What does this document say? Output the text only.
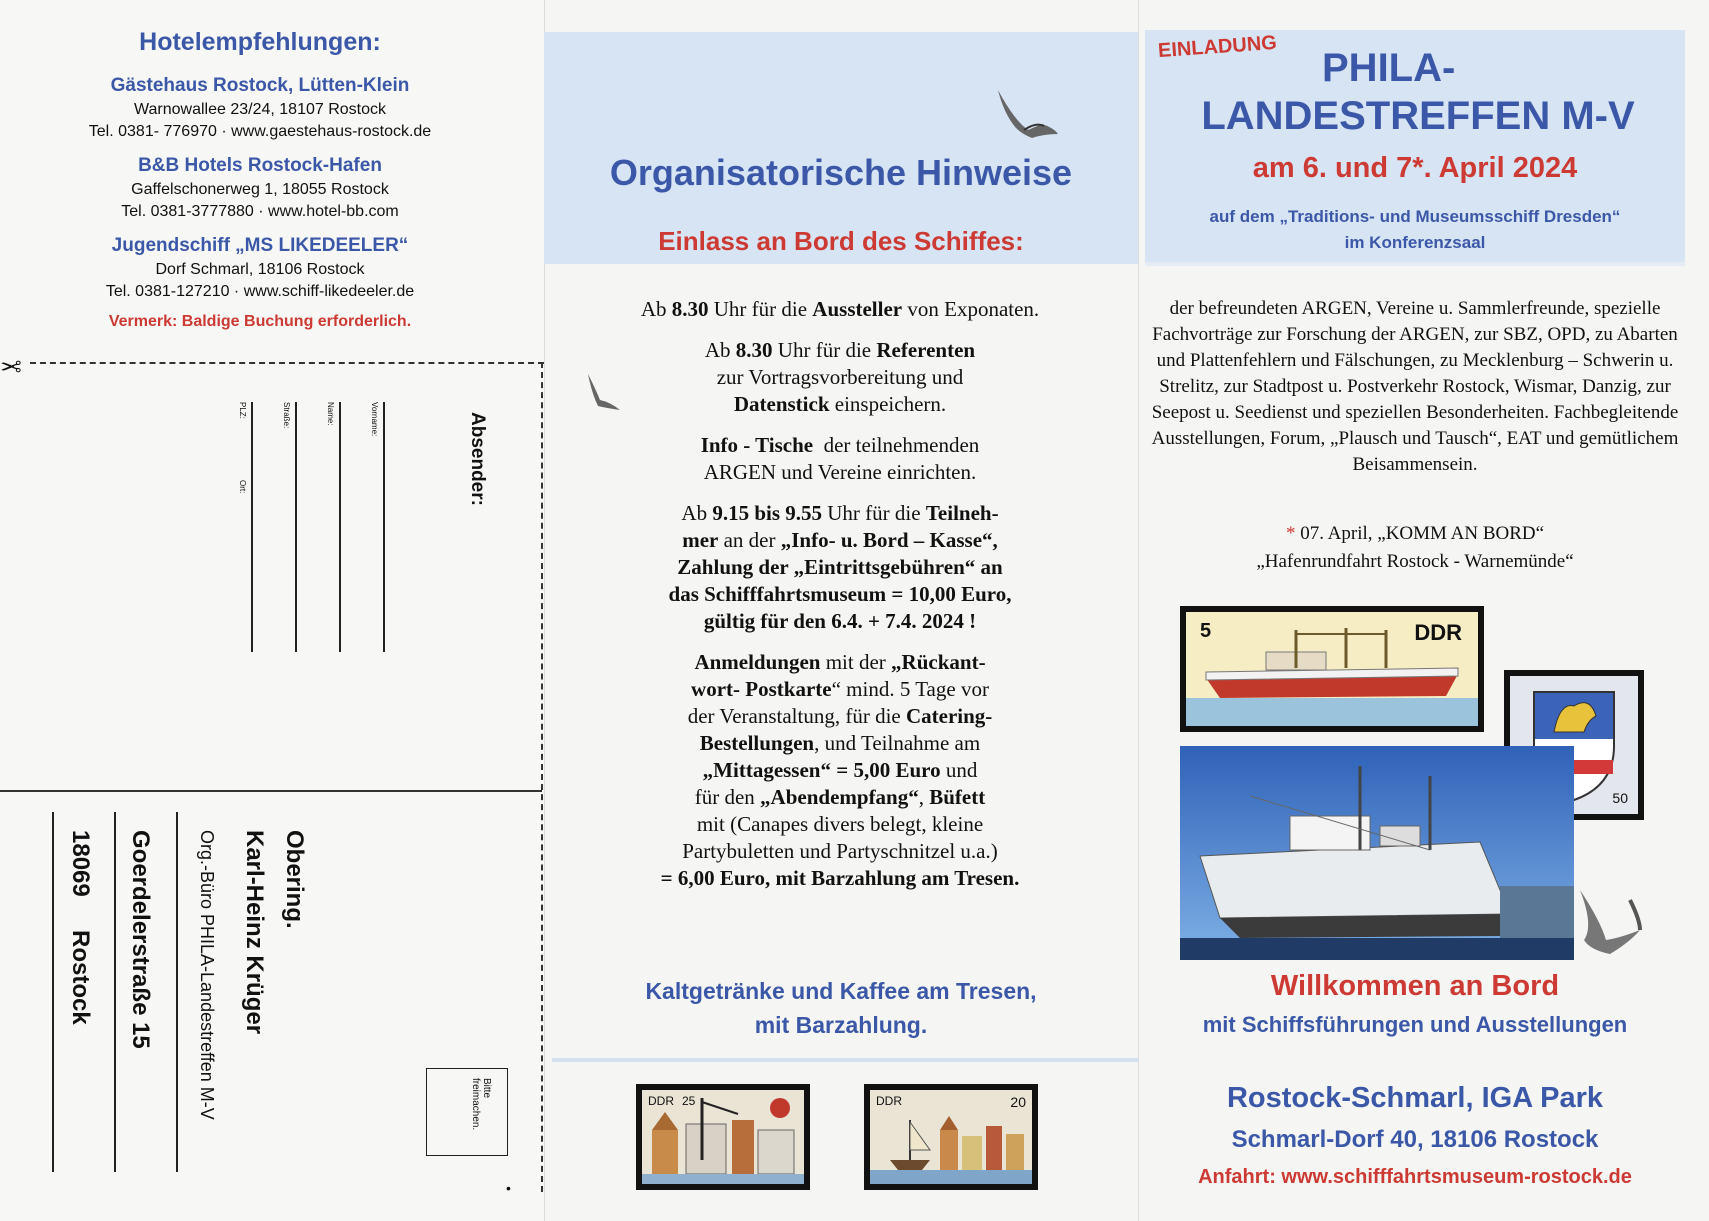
Hotelempfehlungen:
Gästehaus Rostock, Lütten-Klein
Warnowallee 23/24, 18107 Rostock
Tel. 0381- 776970 · www.gaestehaus-rostock.de
B&B Hotels Rostock-Hafen
Gaffelschonerweg 1, 18055 Rostock
Tel. 0381-3777880 · www.hotel-bb.com
Jugendschiff „MS LIKEDEELER“
Dorf Schmarl, 18106 Rostock
Tel. 0381-127210 · www.schiff-likedeeler.de
Vermerk: Baldige Buchung erforderlich.
✂
Absender:
Vorname:
Name:
Straße:
PLZ:
Ort:
Obering.
Karl-Heinz Krüger
Org.-Büro PHILA-Landestreffen M-V
Goerdelerstraße 15
18069
Rostock
Bitte freimachen.
•
Organisatorische Hinweise
Einlass an Bord des Schiffes:

Ab 8.30 Uhr für die Aussteller von Exponaten.

Ab 8.30 Uhr für die Referenten
zur Vortragsvorbereitung und
Datenstick einspeichern.

Info - Tische  der teilnehmenden
ARGEN und Vereine einrichten.

Ab 9.15 bis 9.55 Uhr für die Teilneh-
mer an der „Info- u. Bord – Kasse“,
Zahlung der „Eintrittsgebühren“ an
das Schifffahrtsmuseum = 10,00 Euro,
gültig für den 6.4. + 7.4. 2024 !

Anmeldungen mit der „Rückant-
wort- Postkarte“ mind. 5 Tage vor
der Veranstaltung, für die Catering-
Bestellungen, und Teilnahme am
„Mittagessen“ = 5,00 Euro und
für den „Abendempfang“, Büfett
mit (Canapes divers belegt, kleine
Partybuletten und Partyschnitzel u.a.)
= 6,00 Euro, mit Barzahlung am Tresen.

Kaltgetränke und Kaffee am Tresen,
mit Barzahlung.
DDR 25	DDR	20
EINLADUNG PHILA-
LANDESTREFFEN M-V
am 6. und 7*. April 2024
auf dem „Traditions- und Museumsschiff Dresden“
im Konferenzsaal
der befreundeten ARGEN, Vereine u. Sammlerfreunde, spezielle Fachvorträge zur Forschung der ARGEN, zur SBZ, OPD, zu Abarten und Plattenfehlern und Fälschungen, zu Mecklenburg – Schwerin u. Strelitz, zur Stadtpost u. Postverkehr Rostock, Wismar, Danzig, zur Seepost u. Seedienst und speziellen Besonderheiten. Fachbegleitende Ausstellungen, Forum, „Plausch und Tausch“, EAT und gemütlichem Beisammensein.
* 07. April, „KOMM AN BORD“
„Hafenrundfahrt Rostock - Warnemünde“
5	DDR
50
Willkommen an Bord
mit Schiffsführungen und Ausstellungen
Rostock-Schmarl, IGA Park
Schmarl-Dorf 40, 18106 Rostock
Anfahrt: www.schifffahrtsmuseum-rostock.de
